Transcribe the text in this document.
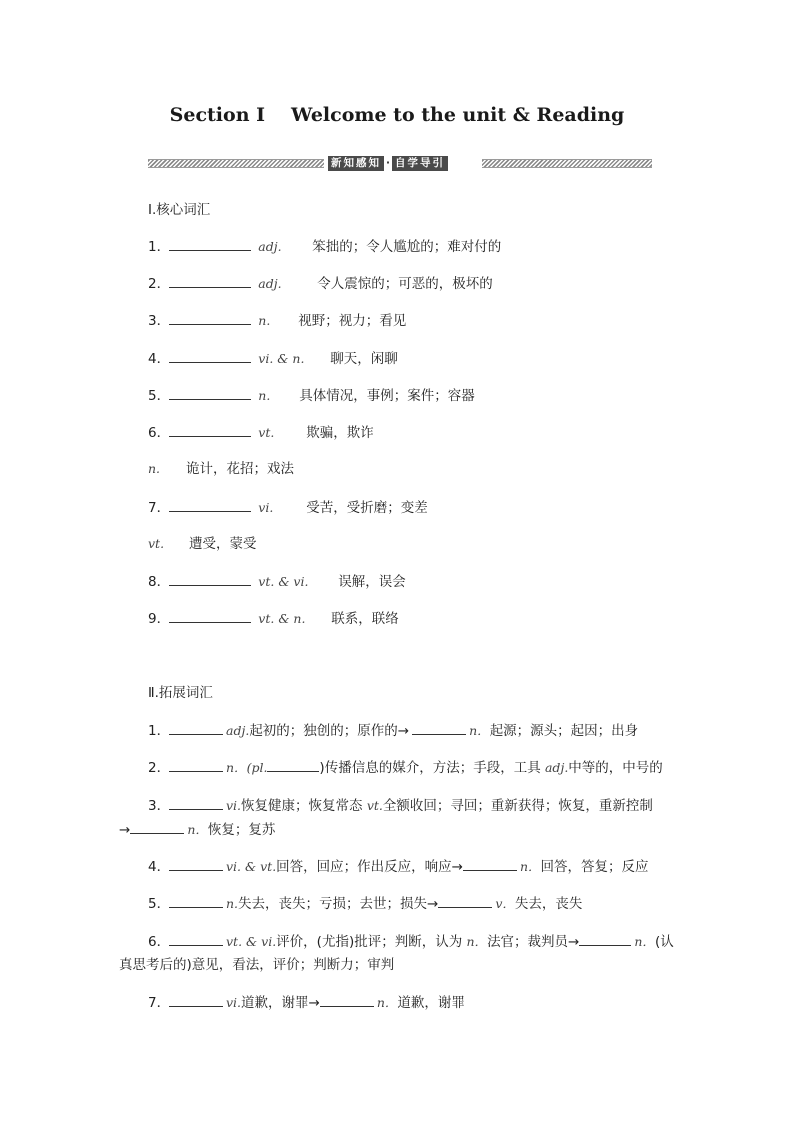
Section Ⅰ Welcome to the unit & Reading
新知感知 · 自学导引
Ⅰ.核心词汇
1．	adj. 笨拙的；令人尴尬的；难对付的
2．	adj.	令人震惊的；可恶的，极坏的
3．	n. 视野；视力；看见
4．	vi. & n. 聊天，闲聊
5．	n. 具体情况，事例；案件；容器
6．	vt. 欺骗，欺诈
n. 诡计，花招；戏法
7．	vi. 受苦，受折磨；变差
vt. 遭受，蒙受
8．	vt. & vi. 误解，误会
9．	vt. & n. 联系，联络
Ⅱ.拓展词汇
1．	adj.起初的；独创的；原作的→	n．起源；源头；起因；出身
2．	n．(pl.	)传播信息的媒介，方法；手段，工具 adj.中等的，中号的
3．	vi.恢复健康；恢复常态 vt.全额收回；寻回；重新获得；恢复，重新控制
→	n．恢复；复苏
4．	vi. & vt.回答，回应；作出反应，响应→	n．回答，答复；反应
5．	n.失去，丧失；亏损；去世；损失→	v．失去，丧失
6．	vt. & vi.评价，(尤指)批评；判断，认为 n．法官；裁判员→	n．(认
真思考后的)意见，看法，评价；判断力；审判
7．	vi.道歉，谢罪→	n．道歉，谢罪
